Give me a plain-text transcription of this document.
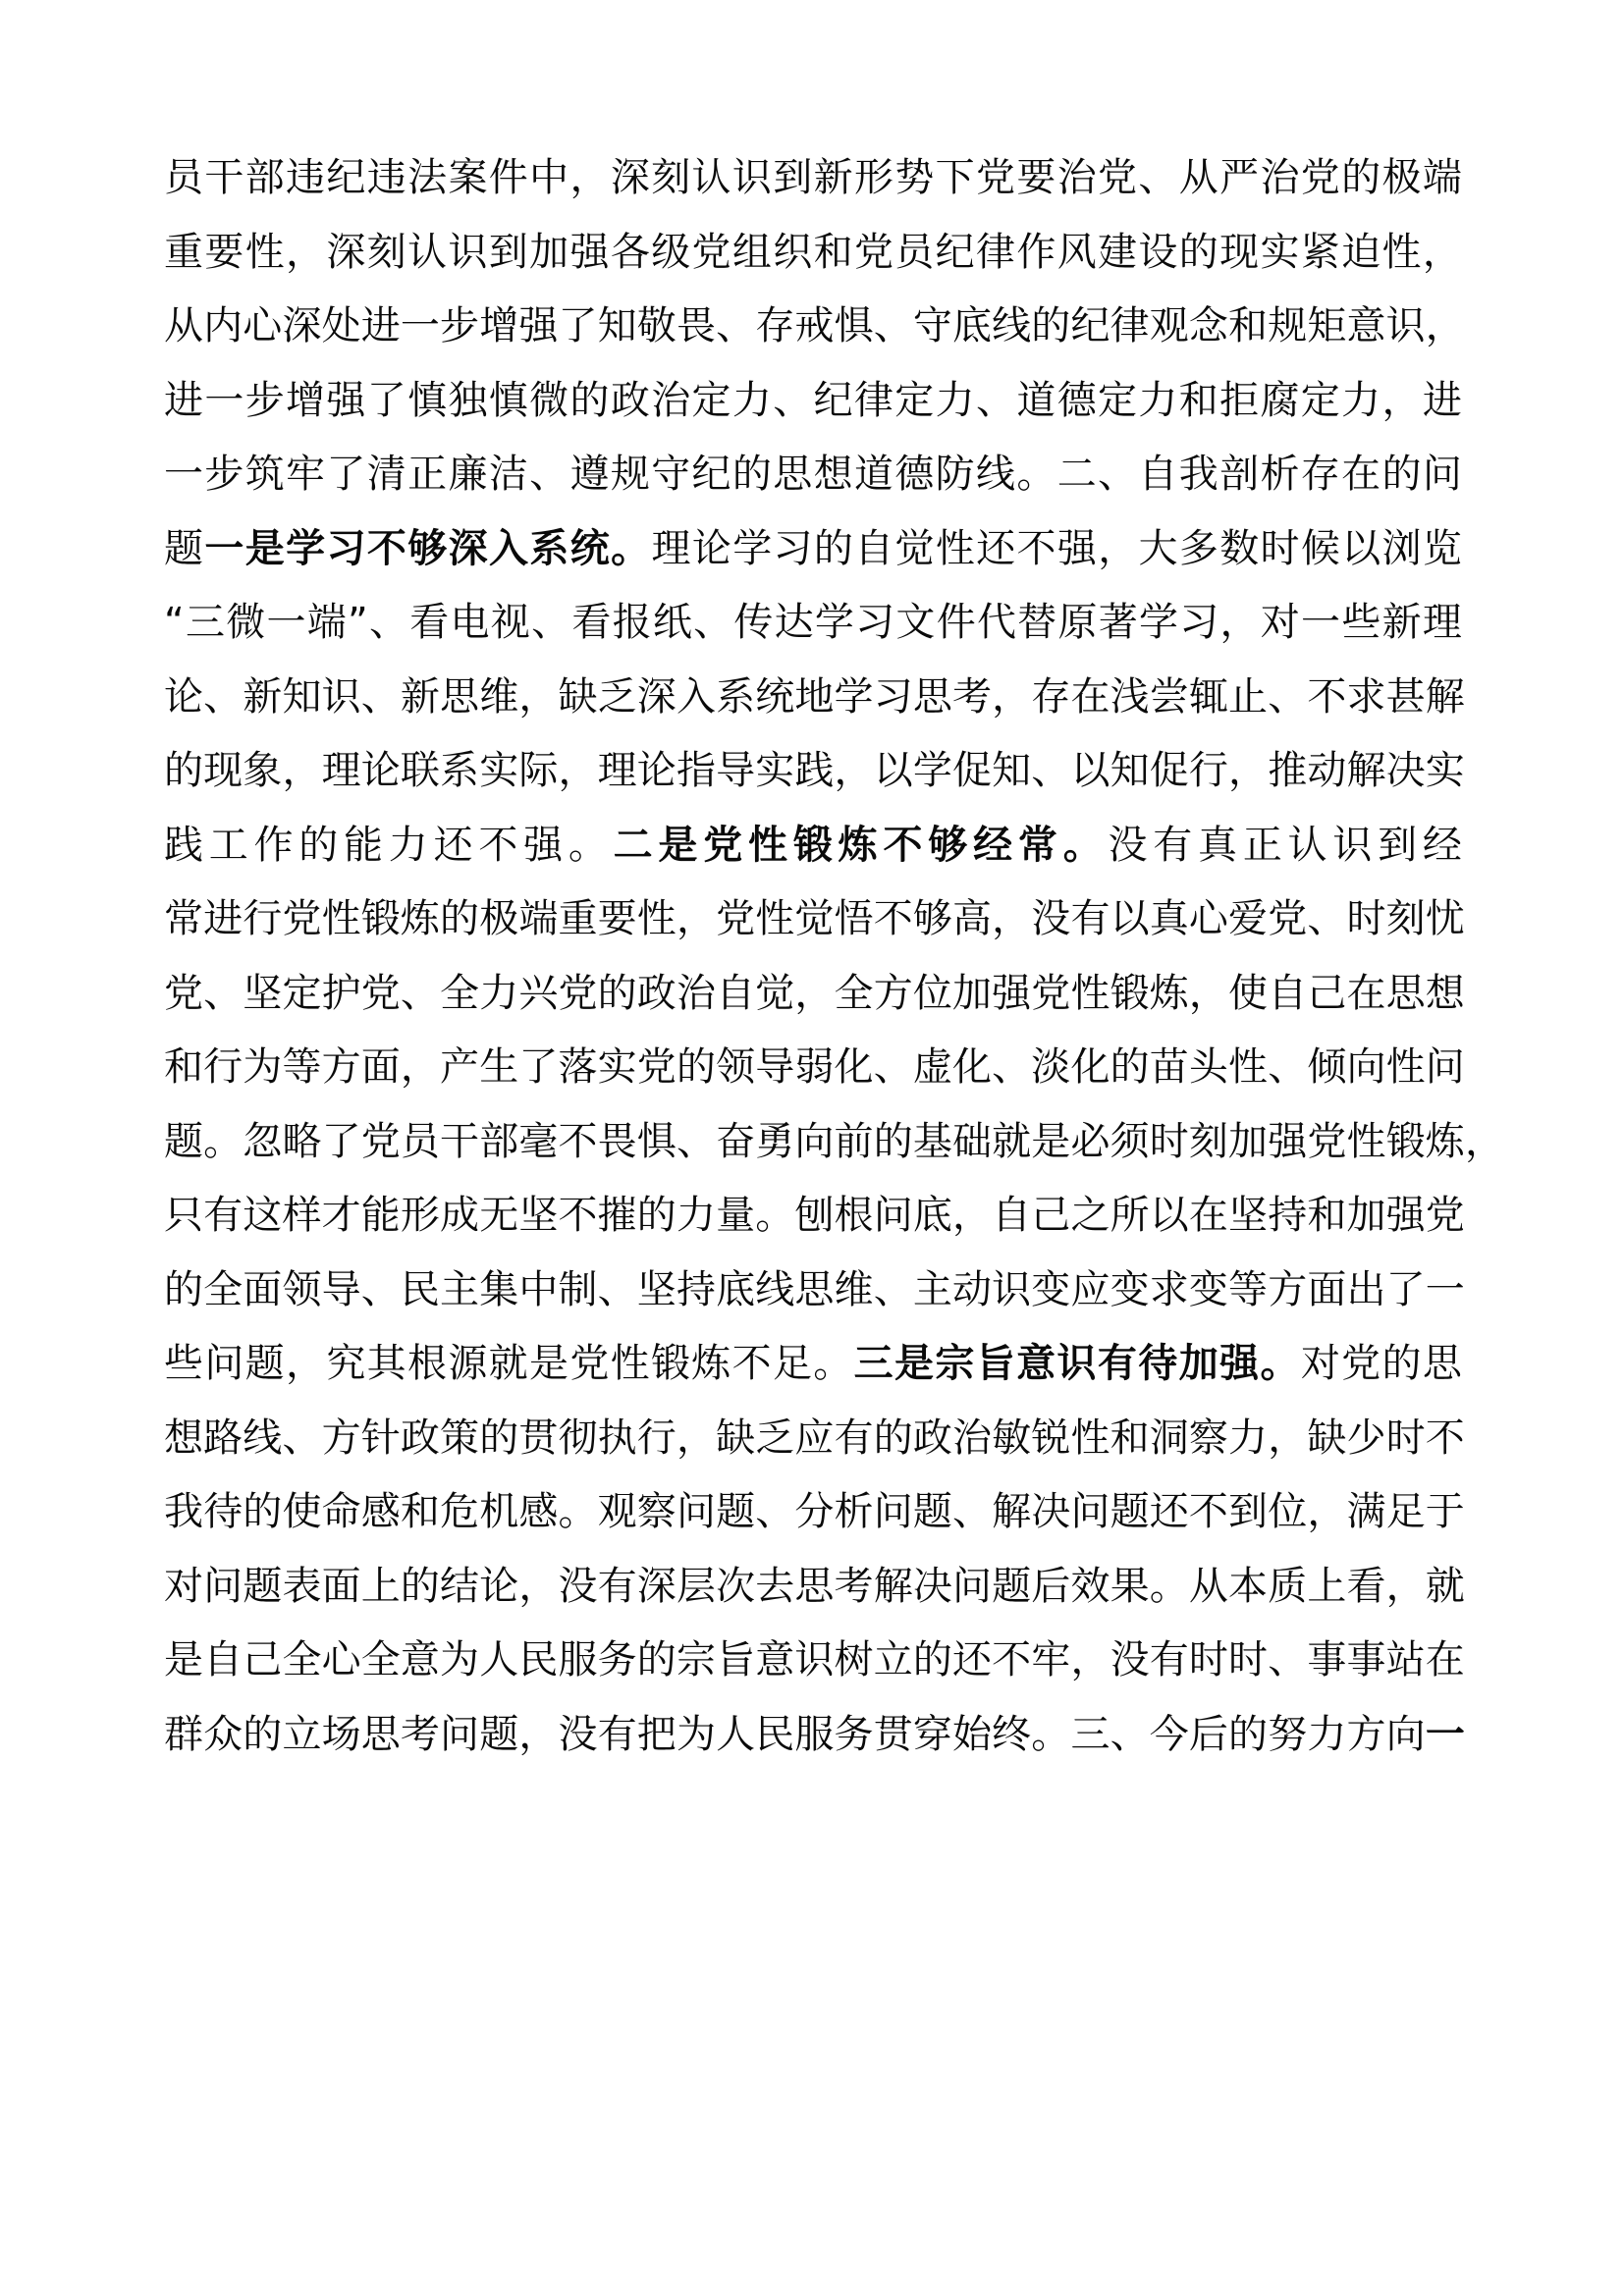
员干部违纪违法案件中，深刻认识到新形势下党要治党、从严治党的极端
重要性，深刻认识到加强各级党组织和党员纪律作风建设的现实紧迫性，
从内心深处进一步增强了知敬畏、存戒惧、守底线的纪律观念和规矩意识，
进一步增强了慎独慎微的政治定力、纪律定力、道德定力和拒腐定力，进
一步筑牢了清正廉洁、遵规守纪的思想道德防线。二、自我剖析存在的问
题一是学习不够深入系统。理论学习的自觉性还不强，大多数时候以浏览
“三微一端”、看电视、看报纸、传达学习文件代替原著学习，对一些新理
论、新知识、新思维，缺乏深入系统地学习思考，存在浅尝辄止、不求甚解
的现象，理论联系实际，理论指导实践，以学促知、以知促行，推动解决实
践工作的能力还不强。二是党性锻炼不够经常。没有真正认识到经
常进行党性锻炼的极端重要性，党性觉悟不够高，没有以真心爱党、时刻忧
党、坚定护党、全力兴党的政治自觉，全方位加强党性锻炼，使自己在思想
和行为等方面，产生了落实党的领导弱化、虚化、淡化的苗头性、倾向性问
题。忽略了党员干部毫不畏惧、奋勇向前的基础就是必须时刻加强党性锻炼，
只有这样才能形成无坚不摧的力量。刨根问底，自己之所以在坚持和加强党
的全面领导、民主集中制、坚持底线思维、主动识变应变求变等方面出了一
些问题，究其根源就是党性锻炼不足。三是宗旨意识有待加强。对党的思
想路线、方针政策的贯彻执行，缺乏应有的政治敏锐性和洞察力，缺少时不
我待的使命感和危机感。观察问题、分析问题、解决问题还不到位，满足于
对问题表面上的结论，没有深层次去思考解决问题后效果。从本质上看，就
是自己全心全意为人民服务的宗旨意识树立的还不牢，没有时时、事事站在
群众的立场思考问题，没有把为人民服务贯穿始终。三、今后的努力方向一
